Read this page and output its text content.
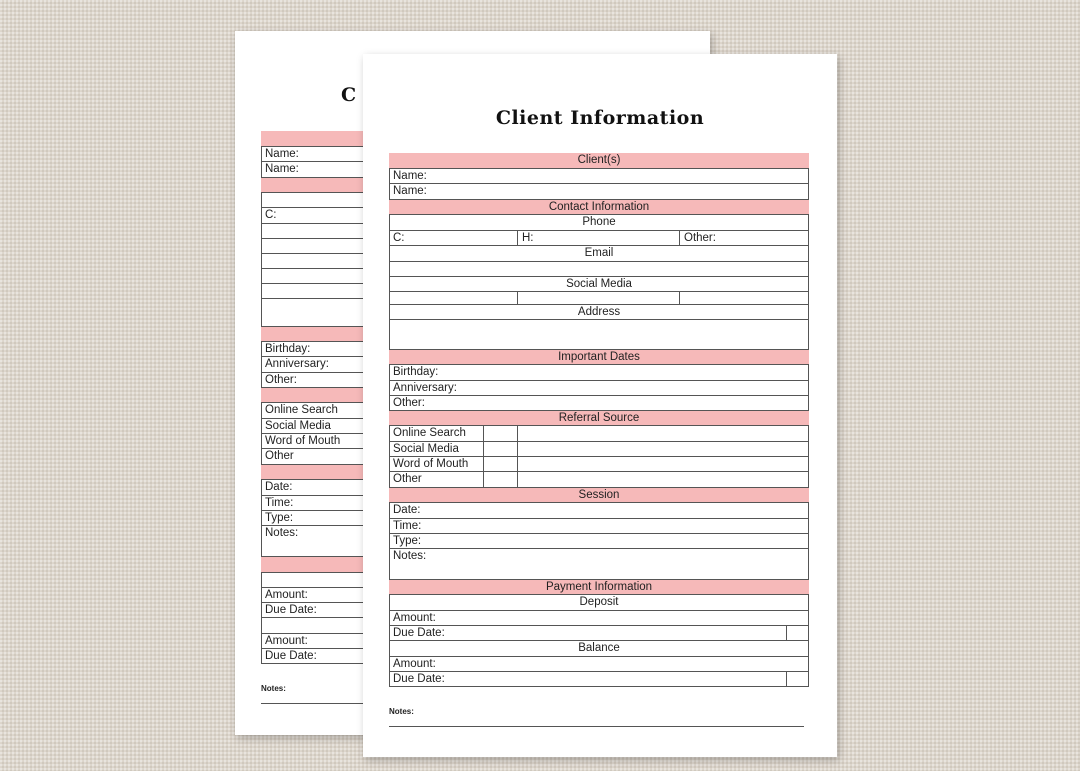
C
Name:
Name:
C:
Birthday:
Anniversary:
Other:
Online Search
Social Media
Word of Mouth
Other
Date:
Time:
Type:
Notes:
Amount:
Due Date:
Amount:
Due Date:
Notes:
Client Information
Client(s)
Name:
Name:
Contact Information
Phone
C:	H:	Other:
Email
Social Media
Address
Important Dates
Birthday:
Anniversary:
Other:
Referral Source
Online Search
Social Media
Word of Mouth
Other
Session
Date:
Time:
Type:
Notes:
Payment Information
Deposit
Amount:
Due Date:
Balance
Amount:
Due Date:
Notes:
